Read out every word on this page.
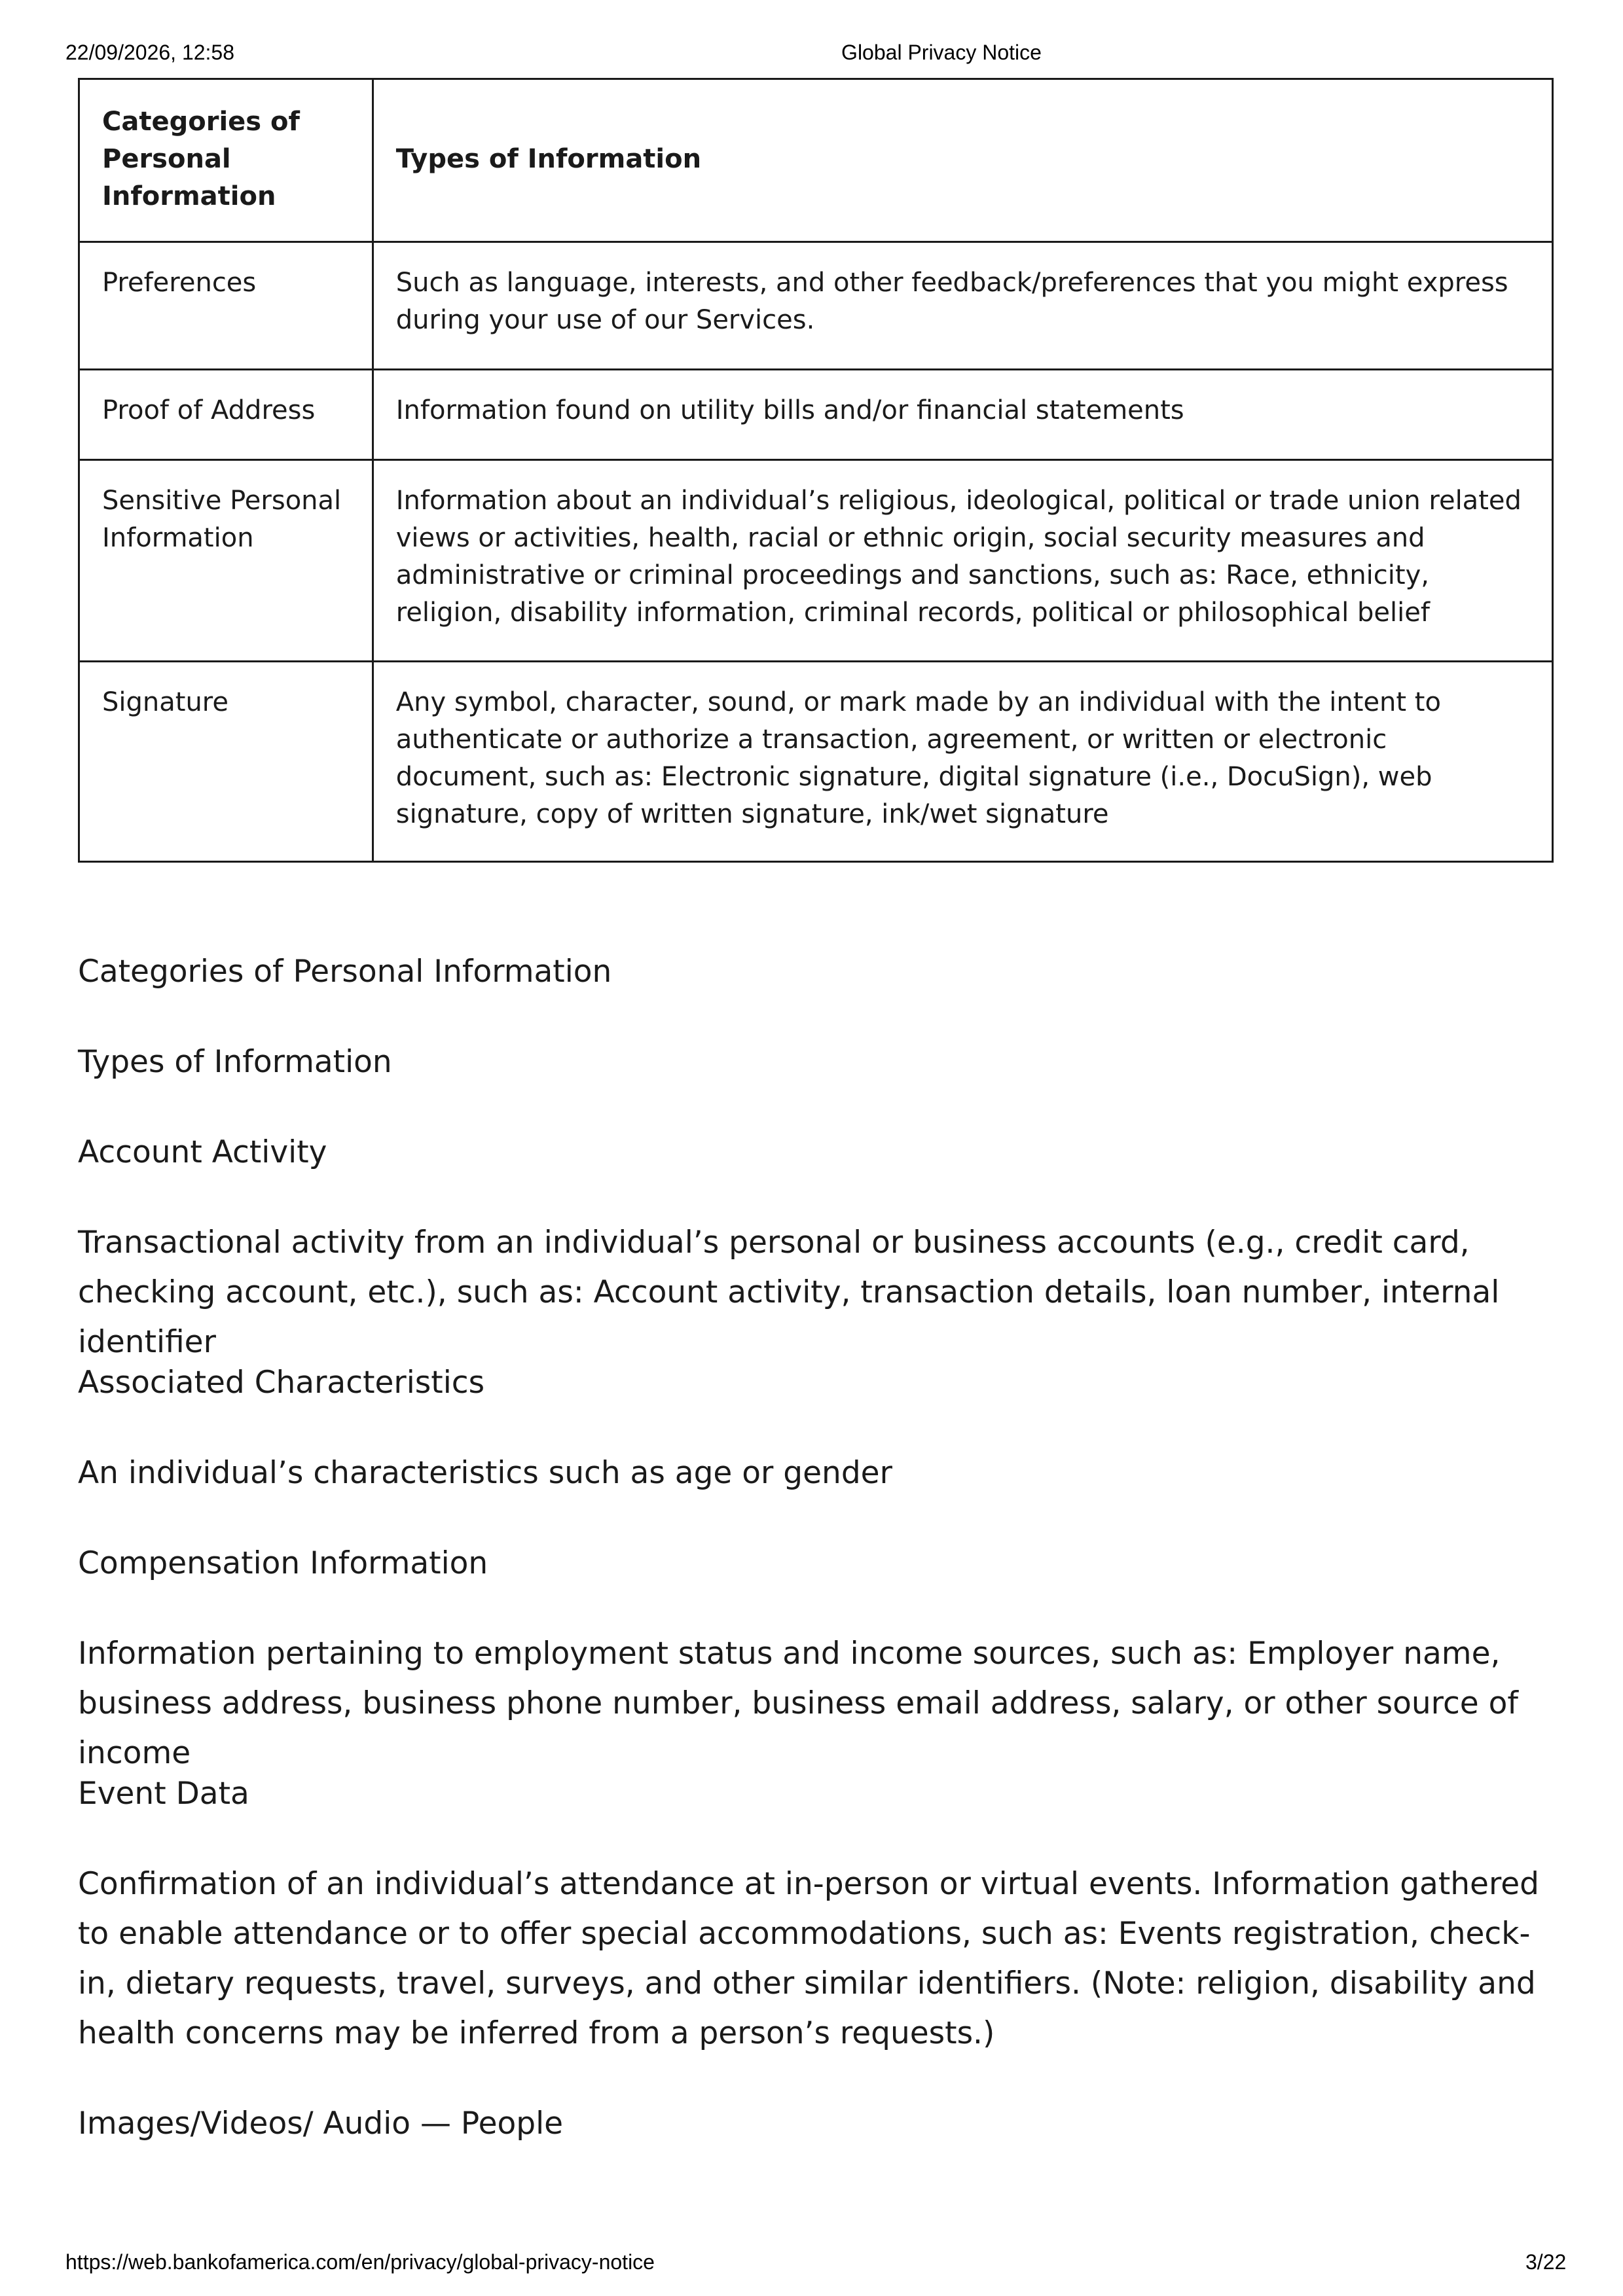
22/09/2026, 12:58	Global Privacy Notice
Categories of Personal Information	Types of Information
Preferences	Such as language, interests, and other feedback/preferences that you might express during your use of our Services.
Proof of Address	Information found on utility bills and/or financial statements
Sensitive Personal Information	Information about an individual’s religious, ideological, political or trade union related views or activities, health, racial or ethnic origin, social security measures and administrative or criminal proceedings and sanctions, such as: Race, ethnicity, religion, disability information, criminal records, political or philosophical belief
Signature	Any symbol, character, sound, or mark made by an individual with the intent to authenticate or authorize a transaction, agreement, or written or electronic document, such as: Electronic signature, digital signature (i.e., DocuSign), web signature, copy of written signature, ink/wet signature
Categories of Personal Information
Types of Information
Account Activity
Transactional activity from an individual’s personal or business accounts (e.g., credit card, checking account, etc.), such as: Account activity, transaction details, loan number, internal identifier
Associated Characteristics
An individual’s characteristics such as age or gender
Compensation Information
Information pertaining to employment status and income sources, such as: Employer name, business address, business phone number, business email address, salary, or other source of income
Event Data
Confirmation of an individual’s attendance at in-person or virtual events. Information gathered to enable attendance or to offer special accommodations, such as: Events registration, check-in, dietary requests, travel, surveys, and other similar identifiers. (Note: religion, disability and health concerns may be inferred from a person’s requests.)
Images/Videos/ Audio — People
https://web.bankofamerica.com/en/privacy/global-privacy-notice	3/22
